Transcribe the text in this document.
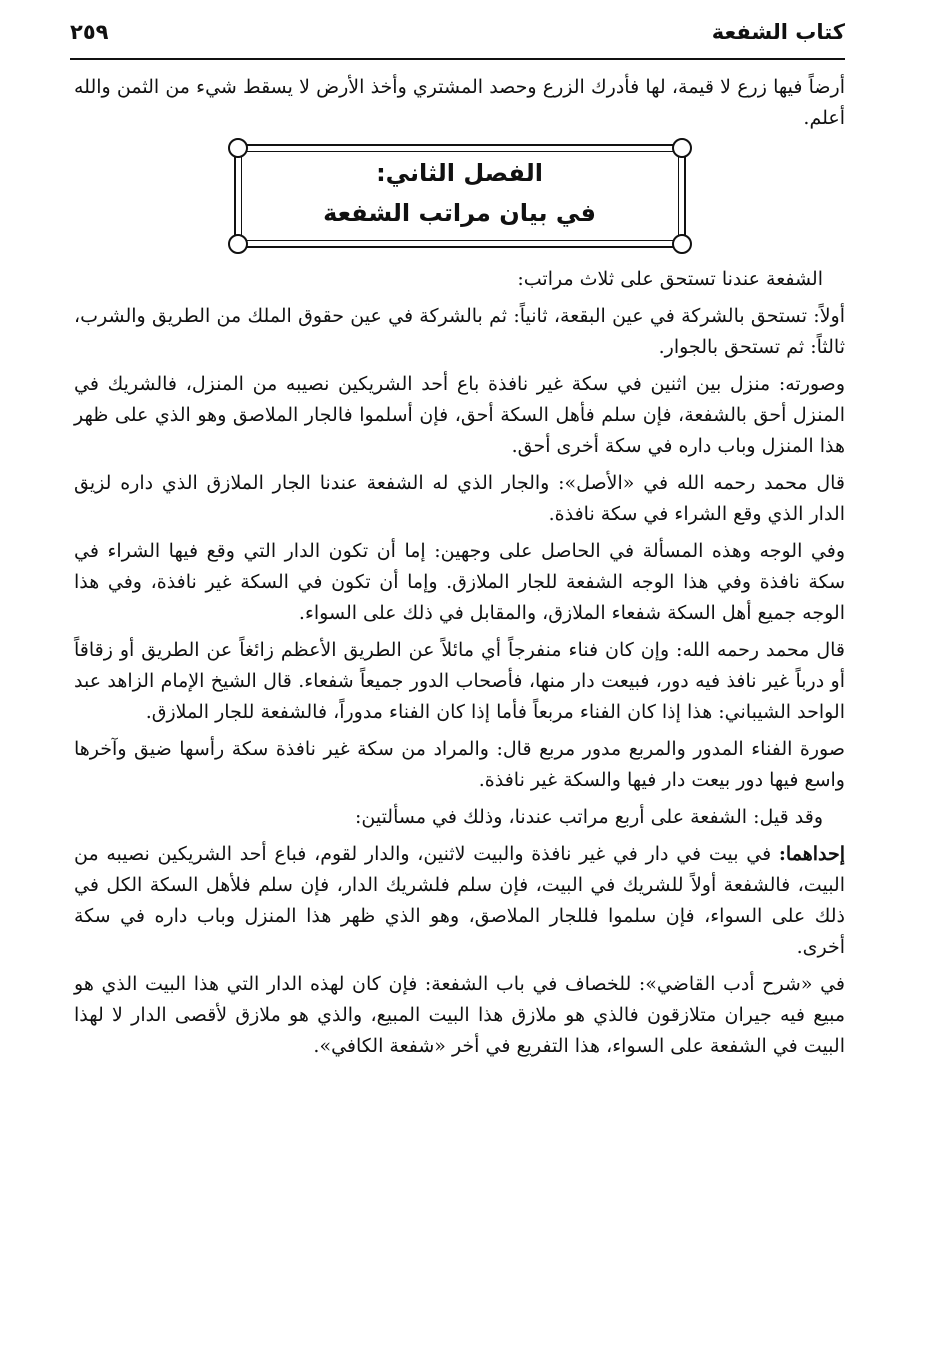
كتاب الشفعة
٢٥٩

أرضاً فيها زرع لا قيمة، لها فأدرك الزرع وحصد المشتري وأخذ الأرض لا يسقط شيء من الثمن والله أعلم.

الفصل الثاني:
في بيان مراتب الشفعة

الشفعة عندنا تستحق على ثلاث مراتب:

أولاً: تستحق بالشركة في عين البقعة، ثانياً: ثم بالشركة في عين حقوق الملك من الطريق والشرب، ثالثاً: ثم تستحق بالجوار.

وصورته: منزل بين اثنين في سكة غير نافذة باع أحد الشريكين نصيبه من المنزل، فالشريك في المنزل أحق بالشفعة، فإن سلم فأهل السكة أحق، فإن أسلموا فالجار الملاصق وهو الذي على ظهر هذا المنزل وباب داره في سكة أخرى أحق.

قال محمد رحمه الله في «الأصل»: والجار الذي له الشفعة عندنا الجار الملازق الذي داره لزيق الدار الذي وقع الشراء في سكة نافذة.

وفي الوجه وهذه المسألة في الحاصل على وجهين: إما أن تكون الدار التي وقع فيها الشراء في سكة نافذة وفي هذا الوجه الشفعة للجار الملازق. وإما أن تكون في السكة غير نافذة، وفي هذا الوجه جميع أهل السكة شفعاء الملازق، والمقابل في ذلك على السواء.

قال محمد رحمه الله: وإن كان فناء منفرجاً أي مائلاً عن الطريق الأعظم زائغاً عن الطريق أو زقاقاً أو درباً غير نافذ فيه دور، فبيعت دار منها، فأصحاب الدور جميعاً شفعاء. قال الشيخ الإمام الزاهد عبد الواحد الشيباني: هذا إذا كان الفناء مربعاً فأما إذا كان الفناء مدوراً، فالشفعة للجار الملازق.

صورة الفناء المدور والمربع مدور مربع قال: والمراد من سكة غير نافذة سكة رأسها ضيق وآخرها واسع فيها دور بيعت دار فيها والسكة غير نافذة.

وقد قيل: الشفعة على أربع مراتب عندنا، وذلك في مسألتين:

إحداهما: في بيت في دار في غير نافذة والبيت لاثنين، والدار لقوم، فباع أحد الشريكين نصيبه من البيت، فالشفعة أولاً للشريك في البيت، فإن سلم فلشريك الدار، فإن سلم فلأهل السكة الكل في ذلك على السواء، فإن سلموا فللجار الملاصق، وهو الذي ظهر هذا المنزل وباب داره في سكة أخرى.

في «شرح أدب القاضي»: للخصاف في باب الشفعة: فإن كان لهذه الدار التي هذا البيت الذي هو مبيع فيه جيران متلازقون فالذي هو ملازق هذا البيت المبيع، والذي هو ملازق لأقصى الدار لا لهذا البيت في الشفعة على السواء، هذا التفريع في أخر «شفعة الكافي».
